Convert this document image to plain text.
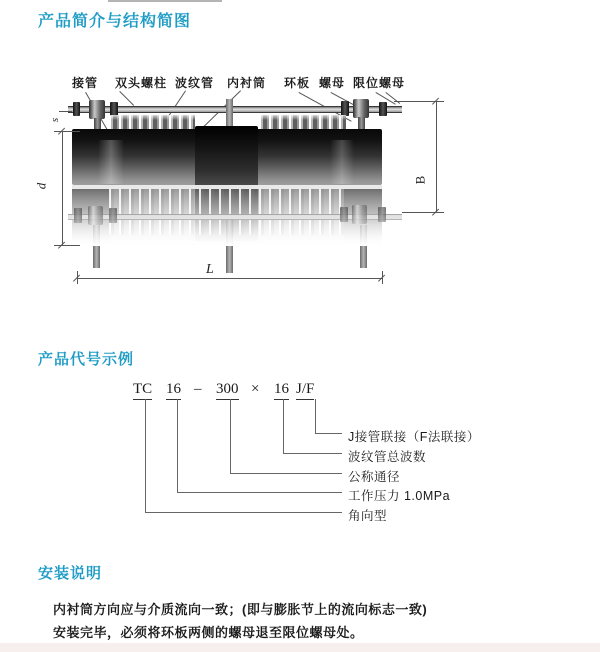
产品简介与结构简图
接管 双头螺柱 波纹管 内衬筒 环板 螺母 限位螺母
s
d
B
L
产品代号示例
TC 16 – 300 × 16 J/F
J接管联接（F法联接）
波纹管总波数
公称通径
工作压力 1.0MPa
角向型
安装说明
内衬筒方向应与介质流向一致；(即与膨胀节上的流向标志一致)
安装完毕，必须将环板两侧的螺母退至限位螺母处。
